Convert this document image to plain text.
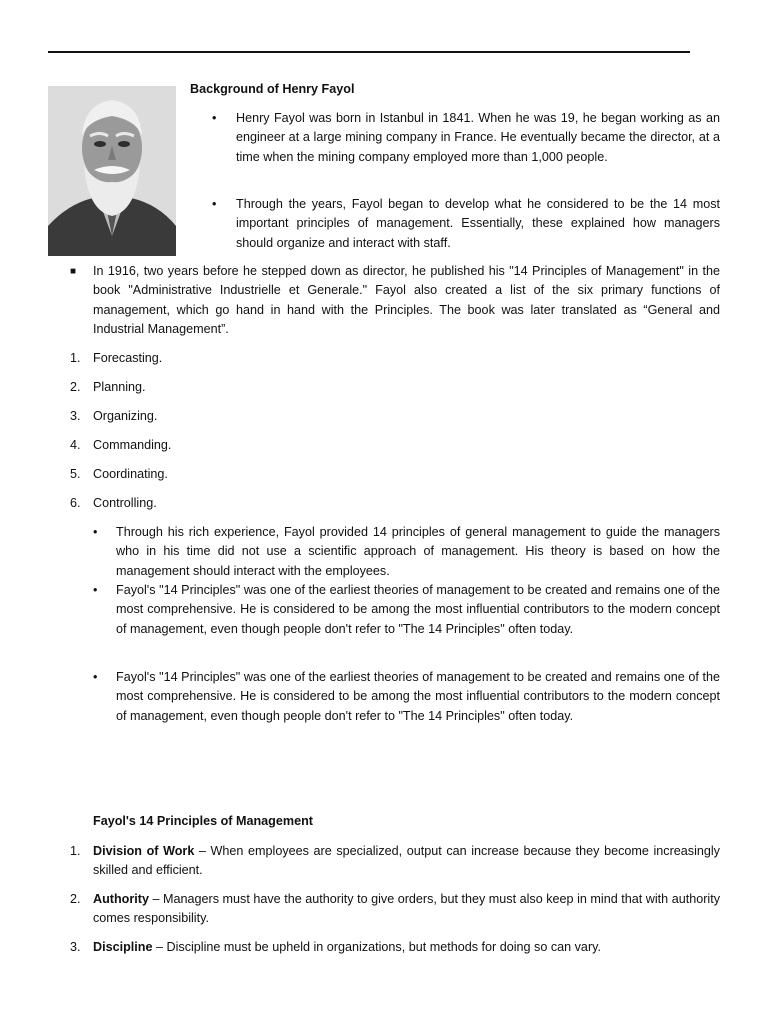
Background of Henry Fayol
• Henry Fayol was born in Istanbul in 1841. When he was 19, he began working as an engineer at a large mining company in France. He eventually became the director, at a time when the mining company employed more than 1,000 people.
• Through the years, Fayol began to develop what he considered to be the 14 most important principles of management. Essentially, these explained how managers should organize and interact with staff.
■ In 1916, two years before he stepped down as director, he published his "14 Principles of Management" in the book "Administrative Industrielle et Generale." Fayol also created a list of the six primary functions of management, which go hand in hand with the Principles. The book was later translated as “General and Industrial Management”.
1. Forecasting.
2. Planning.
3. Organizing.
4. Commanding.
5. Coordinating.
6. Controlling.
• Through his rich experience, Fayol provided 14 principles of general management to guide the managers who in his time did not use a scientific approach of management. His theory is based on how the management should interact with the employees.
• Fayol's "14 Principles" was one of the earliest theories of management to be created and remains one of the most comprehensive. He is considered to be among the most influential contributors to the modern concept of management, even though people don't refer to "The 14 Principles" often today.
• Fayol's "14 Principles" was one of the earliest theories of management to be created and remains one of the most comprehensive. He is considered to be among the most influential contributors to the modern concept of management, even though people don't refer to "The 14 Principles" often today.
Fayol's 14 Principles of Management
1. Division of Work – When employees are specialized, output can increase because they become increasingly skilled and efficient.
2. Authority – Managers must have the authority to give orders, but they must also keep in mind that with authority comes responsibility.
3. Discipline – Discipline must be upheld in organizations, but methods for doing so can vary.
